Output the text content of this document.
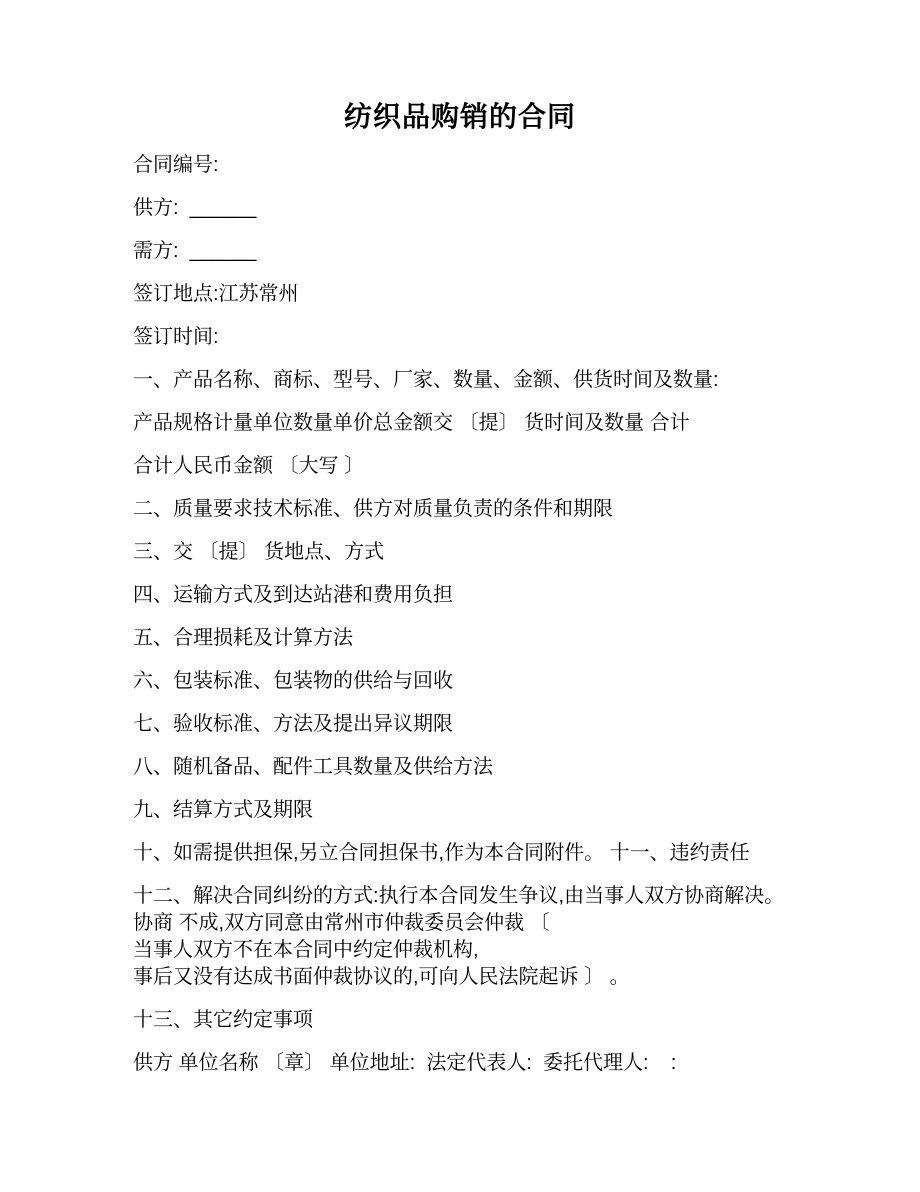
纺织品购销的合同
合同编号:
供方:  ______
需方:  ______
签订地点:江苏常州
签订时间:
一、产品名称、商标、型号、厂家、数量、金额、供货时间及数量:
产品规格计量单位数量单价总金额交 〔提〕 货时间及数量 合计
合计人民币金额 〔大写 〕
二、质量要求技术标准、供方对质量负责的条件和期限
三、交 〔提〕 货地点、方式
四、运输方式及到达站港和费用负担
五、合理损耗及计算方法
六、包装标准、包装物的供给与回收
七、验收标准、方法及提出异议期限
八、随机备品、配件工具数量及供给方法
九、结算方式及期限
十、如需提供担保,另立合同担保书,作为本合同附件。 十一、违约责任
十二、解决合同纠纷的方式:执行本合同发生争议,由当事人双方协商解决。
协商 不成,双方同意由常州市仲裁委员会仲裁 〔
当事人双方不在本合同中约定仲裁机构,
事后又没有达成书面仲裁协议的,可向人民法院起诉 〕 。
十三、其它约定事项
供方 单位名称 〔章〕 单位地址:  法定代表人:  委托代理人:    :
